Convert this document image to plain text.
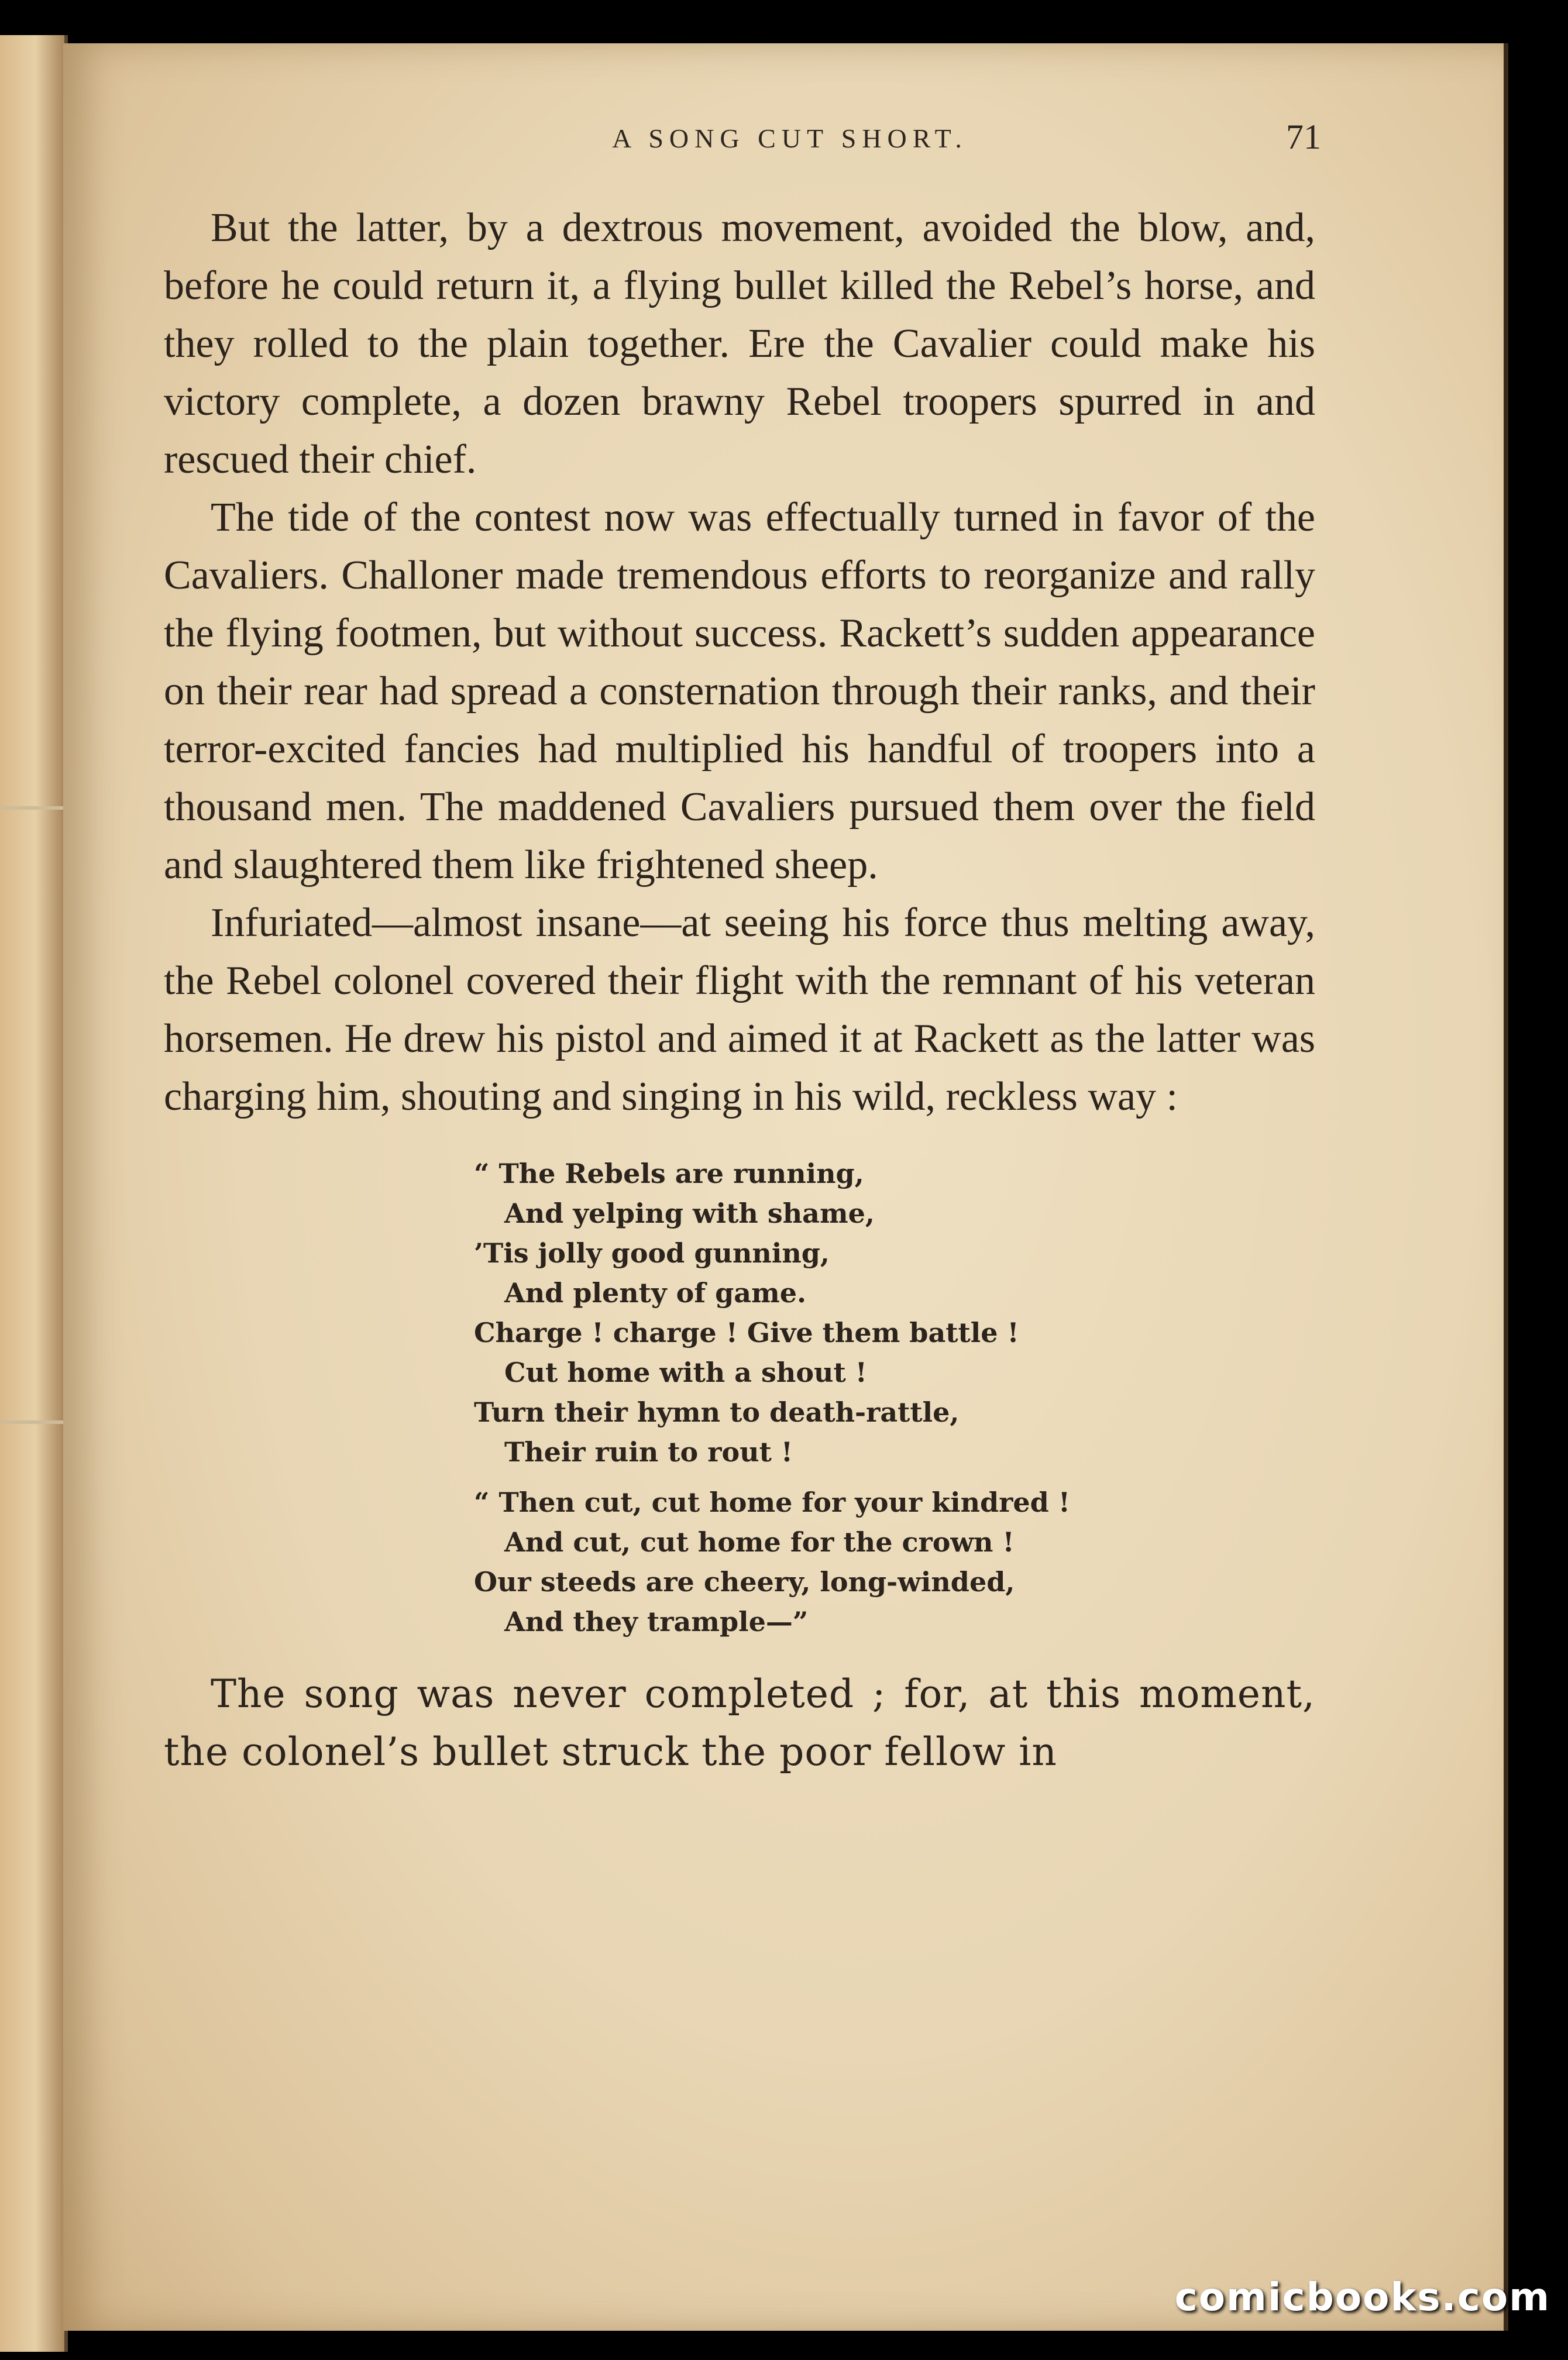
A SONG CUT SHORT.	71

But the latter, by a dextrous movement, avoided the blow, and, before he could return it, a flying bullet killed the Rebel’s horse, and they rolled to the plain together. Ere the Cavalier could make his victory complete, a dozen brawny Rebel troopers spurred in and rescued their chief.

The tide of the contest now was effectually turned in favor of the Cavaliers. Challoner made tremendous efforts to reorganize and rally the flying footmen, but without success. Rackett’s sudden appearance on their rear had spread a consternation through their ranks, and their terror-excited fancies had multiplied his handful of troopers into a thousand men. The maddened Cavaliers pursued them over the field and slaughtered them like frightened sheep.

Infuriated—almost insane—at seeing his force thus melting away, the Rebel colonel covered their flight with the remnant of his veteran horsemen. He drew his pistol and aimed it at Rackett as the latter was charging him, shouting and singing in his wild, reckless way :

“ The Rebels are running,
And yelping with shame,
’Tis jolly good gunning,
And plenty of game.
Charge ! charge ! Give them battle !
Cut home with a shout !
Turn their hymn to death-rattle,
Their ruin to rout !
“ Then cut, cut home for your kindred !
And cut, cut home for the crown !
Our steeds are cheery, long-winded,
And they trample—”

The song was never completed ; for, at this moment, the colonel’s bullet struck the poor fellow in

comicbooks.com
